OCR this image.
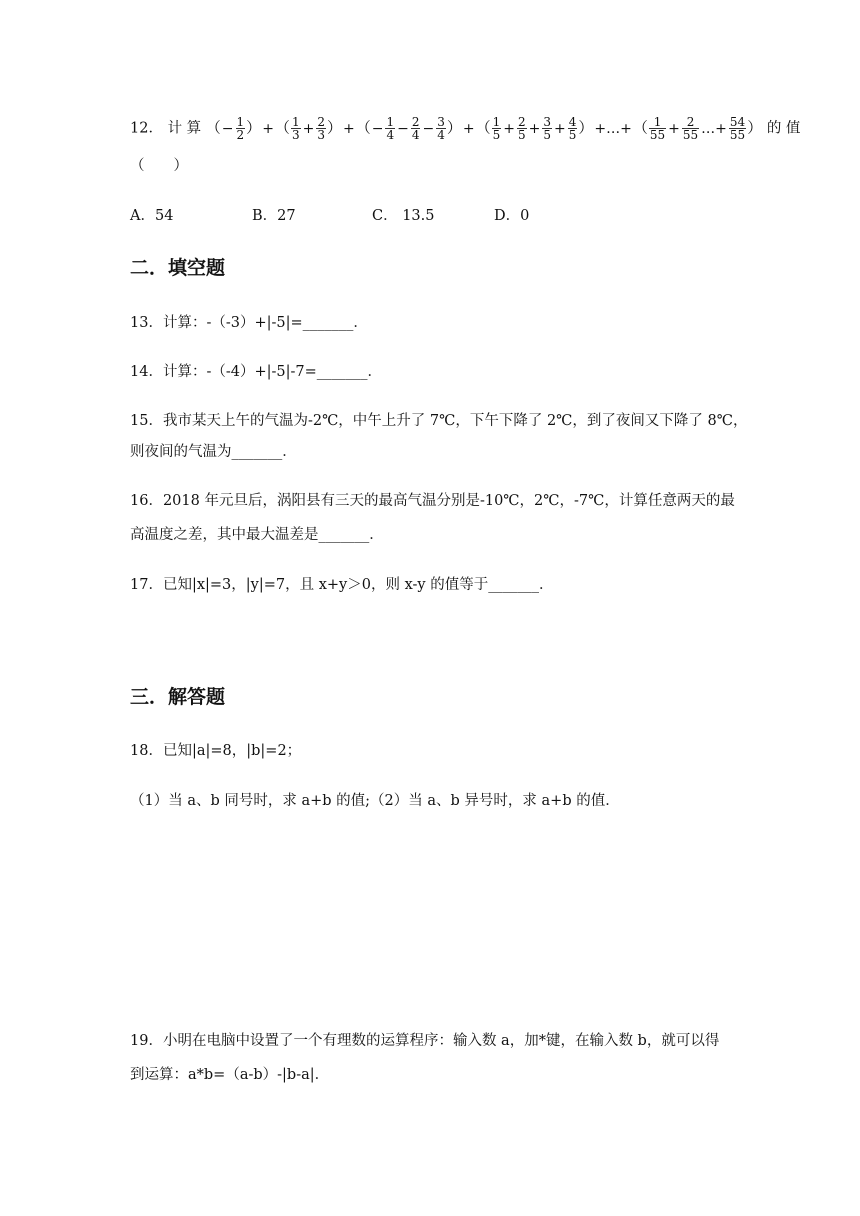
12． 计 算 （− $\frac{1}{2}$ ）+（ $\frac{1}{3} + \frac{2}{3}$ ）+（− $\frac{1}{4} - \frac{2}{4} - \frac{3}{4}$ ）+（ $\frac{1}{5} + \frac{2}{5} + \frac{3}{5} + \frac{4}{5}$ ）+…+（ $\frac{1}{55} + \frac{2}{55}$ …+ $\frac{54}{55}$ ） 的 值
（　　）
A．54	B．27	C． 13.5	D．0
二．填空题
13．计算：-（-3）+|-5|=_______．
14．计算：-（-4）+|-5|-7=_______．
15．我市某天上午的气温为-2℃，中午上升了 7℃，下午下降了 2℃，到了夜间又下降了 8℃，
则夜间的气温为_______．
16．2018 年元旦后，涡阳县有三天的最高气温分别是-10℃，2℃，-7℃，计算任意两天的最
高温度之差，其中最大温差是_______．
17．已知|x|=3，|y|=7，且 x+y＞0，则 x-y 的值等于_______．
三．解答题
18．已知|a|=8，|b|=2；
（1）当 a、b 同号时，求 a+b 的值;（2）当 a、b 异号时，求 a+b 的值．
19．小明在电脑中设置了一个有理数的运算程序：输入数 a，加*键，在输入数 b，就可以得
到运算：a*b=（a-b）-|b-a|．
